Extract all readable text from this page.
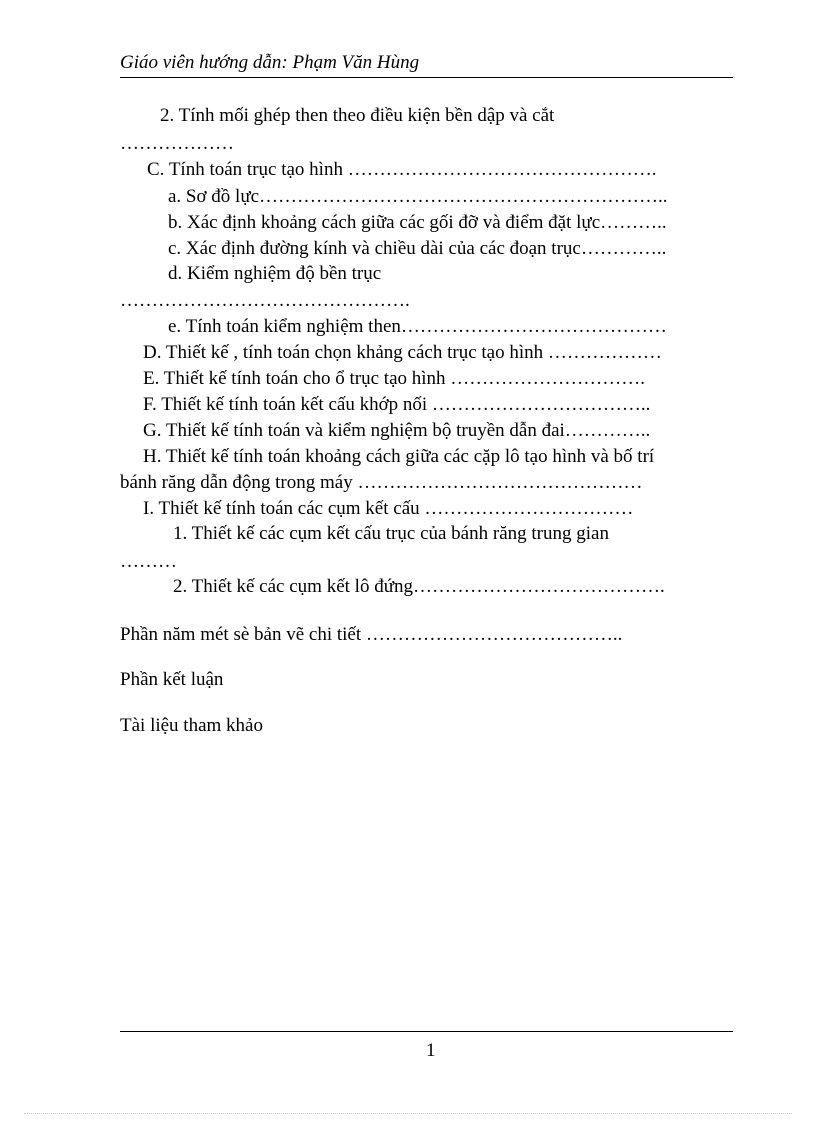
Giáo viên hướng dẫn: Phạm Văn Hùng
2. Tính mối ghép then theo điều kiện bền dập và cắt
………………
C. Tính toán trục tạo hình ………………………………………….
a. Sơ đồ lực………………………………………………………..
b. Xác định khoảng cách giữa các gối đỡ và điểm đặt lực………..
c. Xác định đường kính và chiều dài của các đoạn trục…………..
d. Kiểm nghiệm độ bền trục
……………………………………….
e. Tính toán kiểm nghiệm then……………………………………
D. Thiết kế , tính toán chọn khảng cách trục tạo hình ………………
E. Thiết kế tính toán cho ổ trục tạo hình ………………………….
F. Thiết kế tính toán kết cấu khớp nối ……………………………..
G. Thiết kế tính toán và kiểm nghiệm bộ truyền dẫn đai…………..
H. Thiết kế tính toán khoảng cách giữa các cặp lô tạo hình và bố trí
bánh răng dẫn động trong máy ………………………………………
I. Thiết kế tính toán các cụm kết cấu ……………………………
1. Thiết kế các cụm kết cấu trục của bánh răng trung gian
………
2. Thiết kế các cụm kết lô đứng………………………………….
Phần năm mét sè bản vẽ chi tiết …………………………………..
Phần kết luận
Tài liệu tham khảo
1
